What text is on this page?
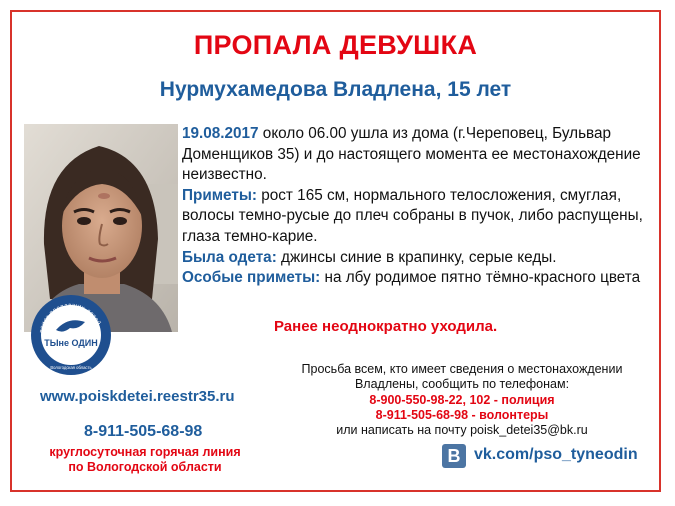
ПРОПАЛА ДЕВУШКА
Нурмухамедова Владлена, 15 лет
поиск пропавших детей
ТЫне ОДИН
Вологодская область

19.08.2017 около 06.00 ушла из дома (г.Череповец, Бульвар Доменщиков 35) и до настоящего момента ее местонахождение неизвестно.

Приметы: рост 165 см, нормального телосложения, смуглая, волосы темно-русые до плеч собраны в пучок, либо распущены, глаза темно-карие.

Была одета: джинсы синие в крапинку, серые кеды.

Особые приметы: на лбу родимое пятно тёмно-красного цвета

Ранее неоднократно уходила.
www.poiskdetei.reestr35.ru
8-911-505-68-98
круглосуточная горячая линия
по Вологодской области
Просьба всем, кто имеет сведения о местонахождении
Владлены, сообщить по телефонам:
8-900-550-98-22, 102 - полиция
8-911-505-68-98 - волонтеры
или написать на почту poisk_detei35@bk.ru
В vk.com/pso_tyneodin
